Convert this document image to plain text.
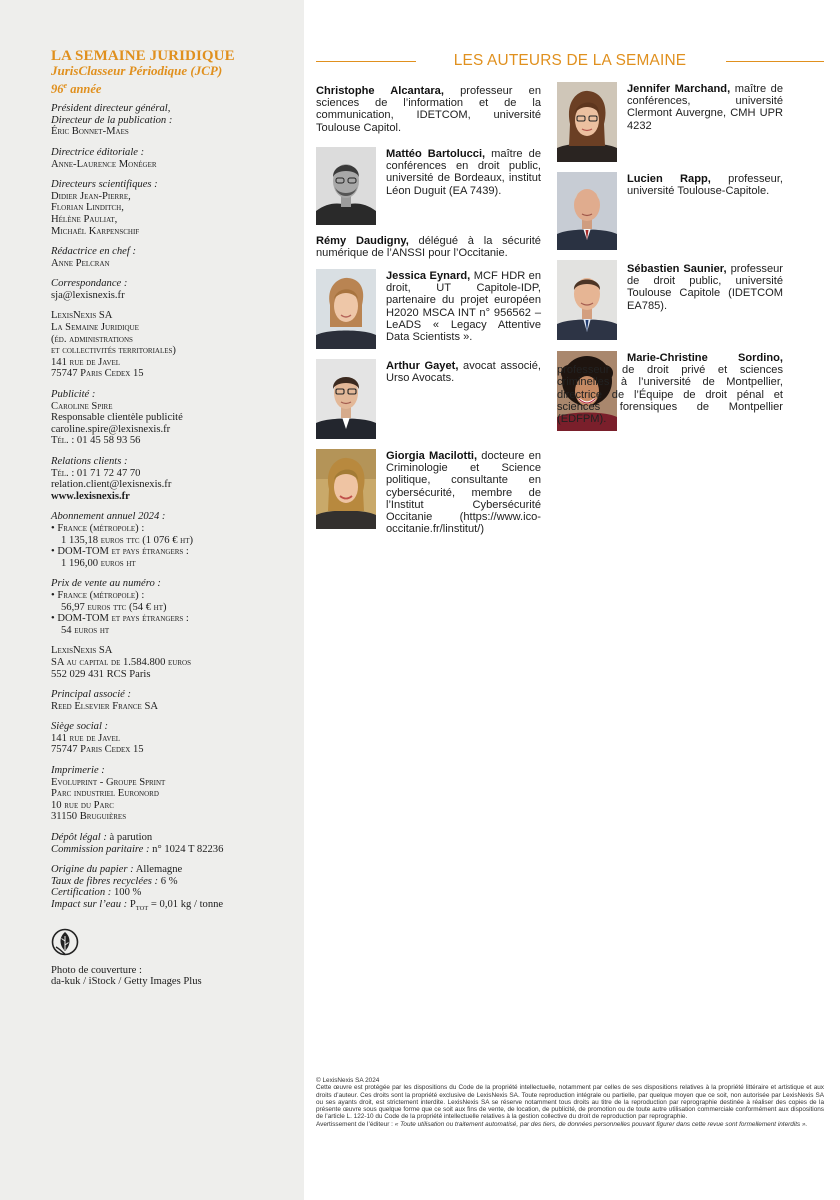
LA SEMAINE JURIDIQUE
JurisClasseur Périodique (JCP)
96e année
Président directeur général,
Directeur de la publication :
Éric Bonnet-Maes
Directrice éditoriale :
Anne-Laurence Monéger
Directeurs scientifiques :
Didier Jean-Pierre,
Florian Linditch,
Hélène Pauliat,
Michaël Karpenschif
Rédactrice en chef :
Anne Pelcran
Correspondance :
sja@lexisnexis.fr
LexisNexis SA
La Semaine Juridique
(éd. administrations
et collectivités territoriales)
141 rue de Javel
75747 Paris Cedex 15
Publicité :
Caroline Spire
Responsable clientèle publicité
caroline.spire@lexisnexis.fr
Tél. : 01 45 58 93 56
Relations clients :
Tél. : 01 71 72 47 70
relation.client@lexisnexis.fr
www.lexisnexis.fr
Abonnement annuel 2024 :
• France (métropole) :
1 135,18 euros ttc (1 076 € ht)
• DOM-TOM et pays étrangers :
1 196,00 euros ht
Prix de vente au numéro :
• France (métropole) :
56,97 euros ttc (54 € ht)
• DOM-TOM et pays étrangers :
54 euros ht
LexisNexis SA
SA au capital de 1.584.800 euros
552 029 431 RCS Paris
Principal associé :
Reed Elsevier France SA
Siège social :
141 rue de Javel
75747 Paris Cedex 15
Imprimerie :
Evoluprint - Groupe Sprint
Parc industriel Euronord
10 rue du Parc
31150 Bruguières
Dépôt légal : à parution
Commission paritaire : n° 1024 T 82236
Origine du papier : Allemagne
Taux de fibres recyclées : 6 %
Certification : 100 %
Impact sur l’eau : $P_{TOT} = 0,01$ kg / tonne
Photo de couverture :
da-kuk / iStock / Getty Images Plus
LES AUTEURS DE LA SEMAINE
Christophe Alcantara, professeur en sciences de l’information et de la communication, IDETCOM, université Toulouse Capitol.
Mattéo Bartolucci, maître de conférences en droit public, université de Bordeaux, institut Léon Duguit (EA 7439).
Rémy Daudigny, délégué à la sécurité numérique de l’ANSSI pour l’Occitanie.
Jessica Eynard, MCF HDR en droit, UT Capitole-IDP, partenaire du projet européen H2020 MSCA INT n° 956562 – LeADS « Legacy Attentive Data Scientists ».
Arthur Gayet, avocat associé, Urso Avocats.
Giorgia Macilotti, docteure en Criminologie et Science politique, consultante en cybersécurité, membre de l’Institut Cybersécurité Occitanie (https://www.ico-occitanie.fr/linstitut/)
Jennifer Marchand, maître de conférences, université Clermont Auvergne, CMH UPR 4232
Lucien Rapp, professeur, université Toulouse-Capitole.
Sébastien Saunier, professeur de droit public, université Toulouse Capitole (IDETCOM EA785).
Marie-Christine Sordino, professeur de droit privé et sciences criminelles à l’université de Montpellier, directrice de l’Équipe de droit pénal et sciences forensiques de Montpellier (EDFPM).
© LexisNexis SA 2024
Cette œuvre est protégée par les dispositions du Code de la propriété intellectuelle, notamment par celles de ses dispositions relatives à la propriété littéraire et artistique et aux droits d’auteur. Ces droits sont la propriété exclusive de LexisNexis SA. Toute reproduction intégrale ou partielle, par quelque moyen que ce soit, non autorisée par LexisNexis SA ou ses ayants droit, est strictement interdite. LexisNexis SA se réserve notamment tous droits au titre de la reproduction par reprographie destinée à réaliser des copies de la présente œuvre sous quelque forme que ce soit aux fins de vente, de location, de publicité, de promotion ou de toute autre utilisation commerciale conformément aux dispositions de l’article L. 122-10 du Code de la propriété intellectuelle relatives à la gestion collective du droit de reproduction par reprographie.
Avertissement de l’éditeur : « Toute utilisation ou traitement automatisé, par des tiers, de données personnelles pouvant figurer dans cette revue sont formellement interdits ».
